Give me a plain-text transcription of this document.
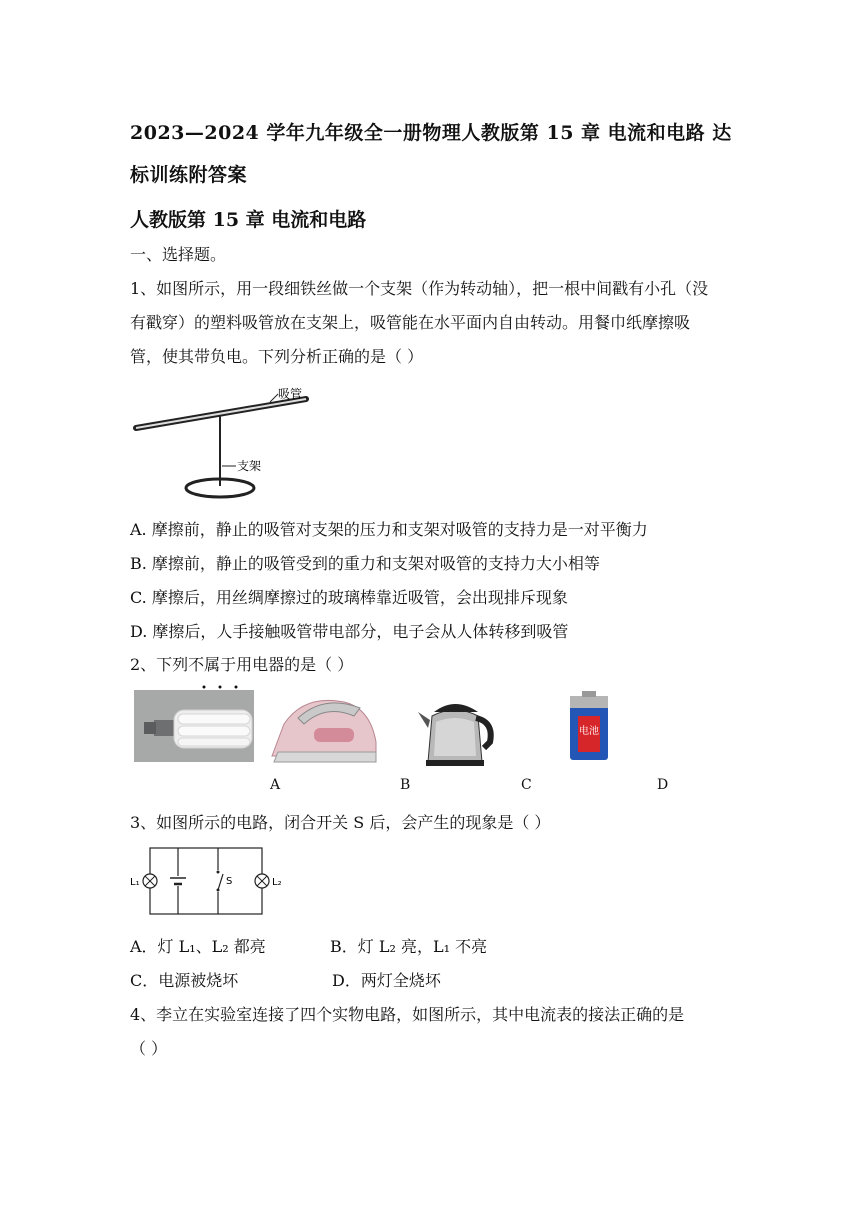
2023—2024 学年九年级全一册物理人教版第 15 章 电流和电路 达
标训练附答案
人教版第 15 章 电流和电路
一、选择题。
1、如图所示，用一段细铁丝做一个支架（作为转动轴），把一根中间戳有小孔（没
有戳穿）的塑料吸管放在支架上，吸管能在水平面内自由转动。用餐巾纸摩擦吸
管，使其带负电。下列分析正确的是（ ）
吸管
支架
A. 摩擦前，静止的吸管对支架的压力和支架对吸管的支持力是一对平衡力
B. 摩擦前，静止的吸管受到的重力和支架对吸管的支持力大小相等
C. 摩擦后，用丝绸摩擦过的玻璃棒靠近吸管，会出现排斥现象
D. 摩擦后，人手接触吸管带电部分，电子会从人体转移到吸管
2、下列不属于用电器的是（ ）
电池
A	B	C	D
3、如图所示的电路，闭合开关 S 后，会产生的现象是（ ）
S
L₁	L₂
A．灯 L₁、L₂ 都亮	B．灯 L₂ 亮，L₁ 不亮
C．电源被烧坏	D．两灯全烧坏
4、李立在实验室连接了四个实物电路，如图所示，其中电流表的接法正确的是
（ ）
